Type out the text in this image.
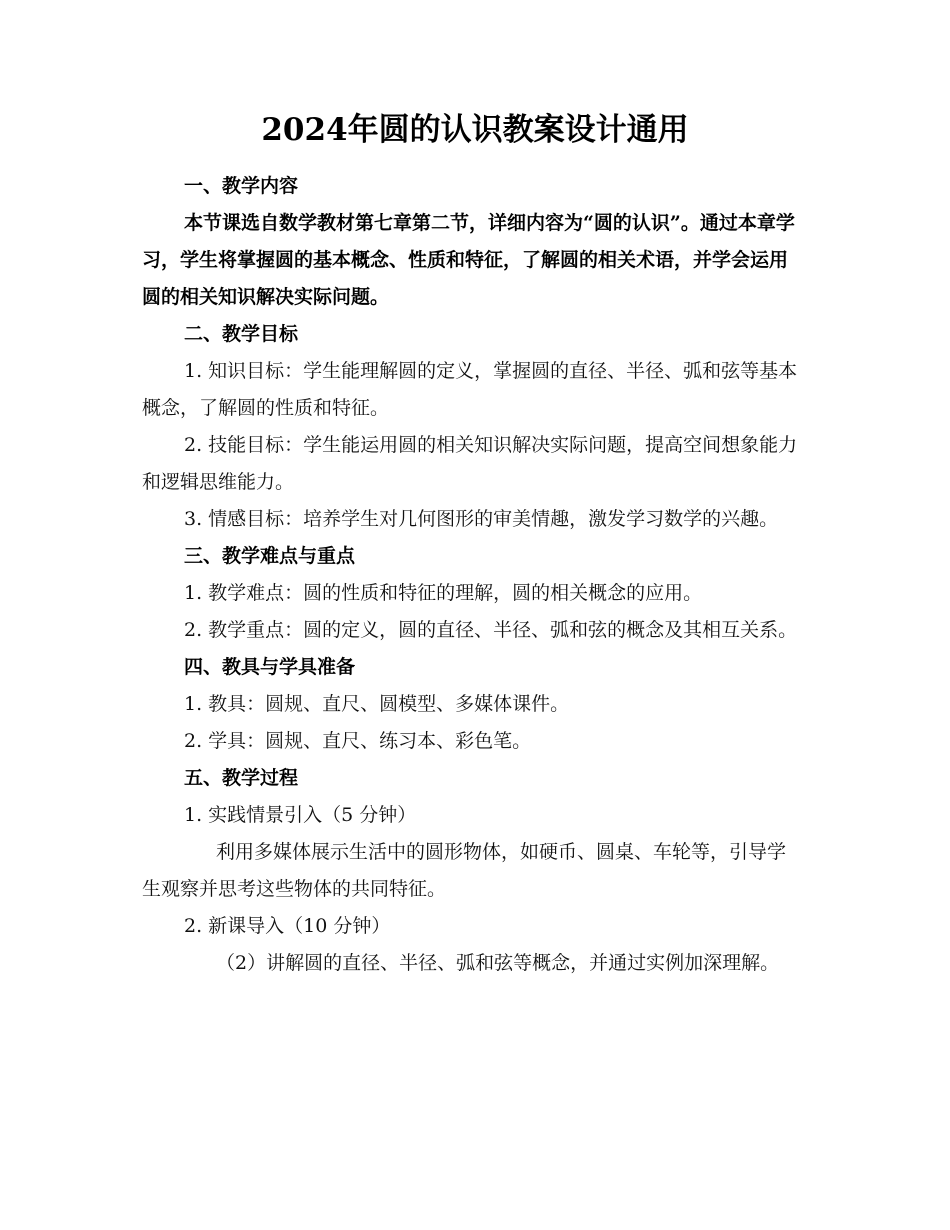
2024年圆的认识教案设计通用

一、教学内容

本节课选自数学教材第七章第二节，详细内容为“圆的认识”。通过本章学习，学生将掌握圆的基本概念、性质和特征，了解圆的相关术语，并学会运用圆的相关知识解决实际问题。

二、教学目标

1. 知识目标：学生能理解圆的定义，掌握圆的直径、半径、弧和弦等基本概念，了解圆的性质和特征。

2. 技能目标：学生能运用圆的相关知识解决实际问题，提高空间想象能力和逻辑思维能力。

3. 情感目标：培养学生对几何图形的审美情趣，激发学习数学的兴趣。

三、教学难点与重点

1. 教学难点：圆的性质和特征的理解，圆的相关概念的应用。

2. 教学重点：圆的定义，圆的直径、半径、弧和弦的概念及其相互关系。

四、教具与学具准备

1. 教具：圆规、直尺、圆模型、多媒体课件。

2. 学具：圆规、直尺、练习本、彩色笔。

五、教学过程

1. 实践情景引入（5 分钟）

利用多媒体展示生活中的圆形物体，如硬币、圆桌、车轮等，引导学生观察并思考这些物体的共同特征。

2. 新课导入（10 分钟）

（2）讲解圆的直径、半径、弧和弦等概念，并通过实例加深理解。
